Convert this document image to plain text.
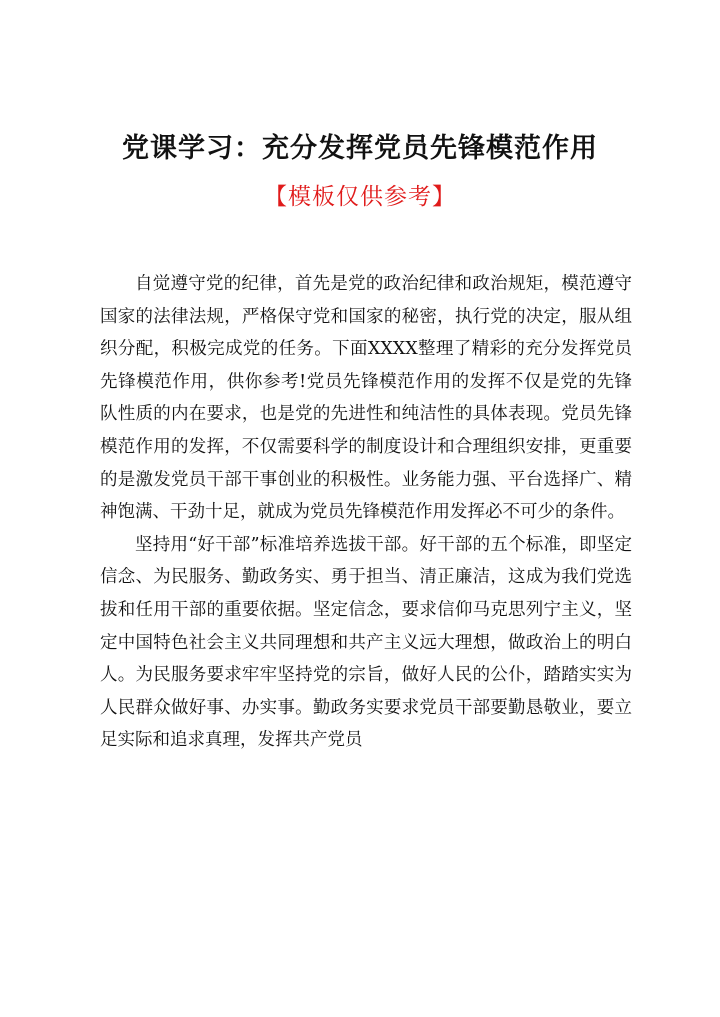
党课学习：充分发挥党员先锋模范作用
【模板仅供参考】

自觉遵守党的纪律，首先是党的政治纪律和政治规矩，模范遵守国家的法律法规，严格保守党和国家的秘密，执行党的决定，服从组织分配，积极完成党的任务。下面XXXX整理了精彩的充分发挥党员先锋模范作用，供你参考!党员先锋模范作用的发挥不仅是党的先锋队性质的内在要求，也是党的先进性和纯洁性的具体表现。党员先锋模范作用的发挥，不仅需要科学的制度设计和合理组织安排，更重要的是激发党员干部干事创业的积极性。业务能力强、平台选择广、精神饱满、干劲十足，就成为党员先锋模范作用发挥必不可少的条件。

坚持用“好干部”标准培养选拔干部。好干部的五个标准，即坚定信念、为民服务、勤政务实、勇于担当、清正廉洁，这成为我们党选拔和任用干部的重要依据。坚定信念，要求信仰马克思列宁主义，坚定中国特色社会主义共同理想和共产主义远大理想，做政治上的明白人。为民服务要求牢牢坚持党的宗旨，做好人民的公仆，踏踏实实为人民群众做好事、办实事。勤政务实要求党员干部要勤恳敬业，要立足实际和追求真理，发挥共产党员
